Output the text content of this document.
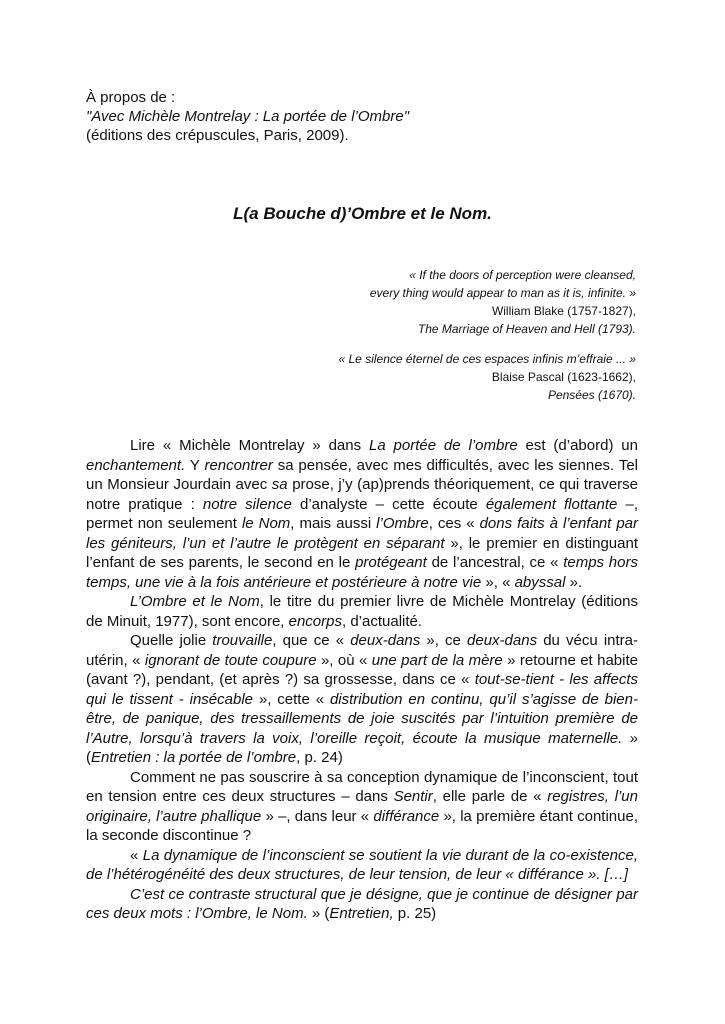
À propos de :
"Avec Michèle Montrelay : La portée de l’Ombre"
(éditions des crépuscules, Paris, 2009).
L(a Bouche d)’Ombre et le Nom.
« If the doors of perception were cleansed,
every thing would appear to man as it is, infinite. »
William Blake (1757-1827),
The Marriage of Heaven and Hell (1793).
« Le silence éternel de ces espaces infinis m’effraie ... »
Blaise Pascal (1623-1662),
Pensées (1670).

Lire « Michèle Montrelay » dans La portée de l’ombre est (d’abord) un enchantement. Y rencontrer sa pensée, avec mes difficultés, avec les siennes. Tel un Monsieur Jourdain avec sa prose, j’y (ap)prends théoriquement, ce qui traverse notre pratique : notre silence d’analyste – cette écoute également flottante –, permet non seulement le Nom, mais aussi l’Ombre, ces « dons faits à l’enfant par les géniteurs, l’un et l’autre le protègent en séparant », le premier en distinguant l’enfant de ses parents, le second en le protégeant de l’ancestral, ce « temps hors temps, une vie à la fois antérieure et postérieure à notre vie », « abyssal ».

L’Ombre et le Nom, le titre du premier livre de Michèle Montrelay (éditions de Minuit, 1977), sont encore, encorps, d’actualité.

Quelle jolie trouvaille, que ce « deux-dans », ce deux-dans du vécu intra-utérin, « ignorant de toute coupure », où « une part de la mère » retourne et habite (avant ?), pendant, (et après ?) sa grossesse, dans ce « tout-se-tient - les affects qui le tissent - insécable », cette « distribution en continu, qu’il s’agisse de bien-être, de panique, des tressaillements de joie suscités par l’intuition première de l’Autre, lorsqu’à travers la voix, l’oreille reçoit, écoute la musique maternelle. » (Entretien : la portée de l’ombre, p. 24)

Comment ne pas souscrire à sa conception dynamique de l’inconscient, tout en tension entre ces deux structures – dans Sentir, elle parle de « registres, l’un originaire, l’autre phallique » –, dans leur « différance », la première étant continue, la seconde discontinue ?

« La dynamique de l’inconscient se soutient la vie durant de la co-existence, de l’hétérogénéité des deux structures, de leur tension, de leur « différance ». […]

C’est ce contraste structural que je désigne, que je continue de désigner par ces deux mots : l’Ombre, le Nom. » (Entretien, p. 25)
